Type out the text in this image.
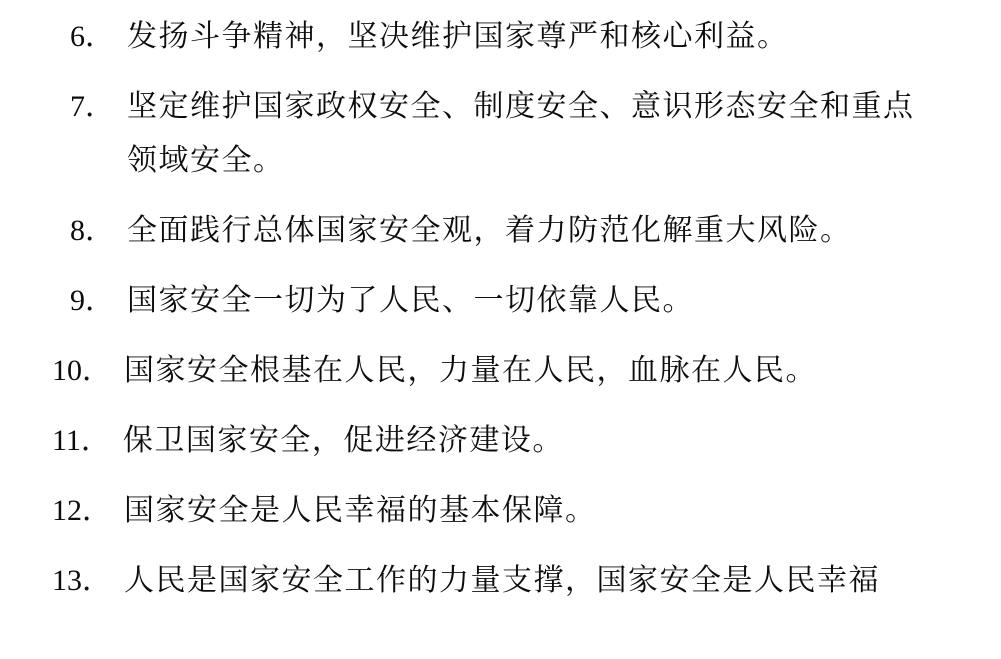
6． 发扬斗争精神，坚决维护国家尊严和核心利益。
7． 坚定维护国家政权安全、制度安全、意识形态安全和重点领域安全。
8． 全面践行总体国家安全观，着力防范化解重大风险。
9． 国家安全一切为了人民、一切依靠人民。
10． 国家安全根基在人民，力量在人民，血脉在人民。
11． 保卫国家安全，促进经济建设。
12． 国家安全是人民幸福的基本保障。
13． 人民是国家安全工作的力量支撑，国家安全是人民幸福
